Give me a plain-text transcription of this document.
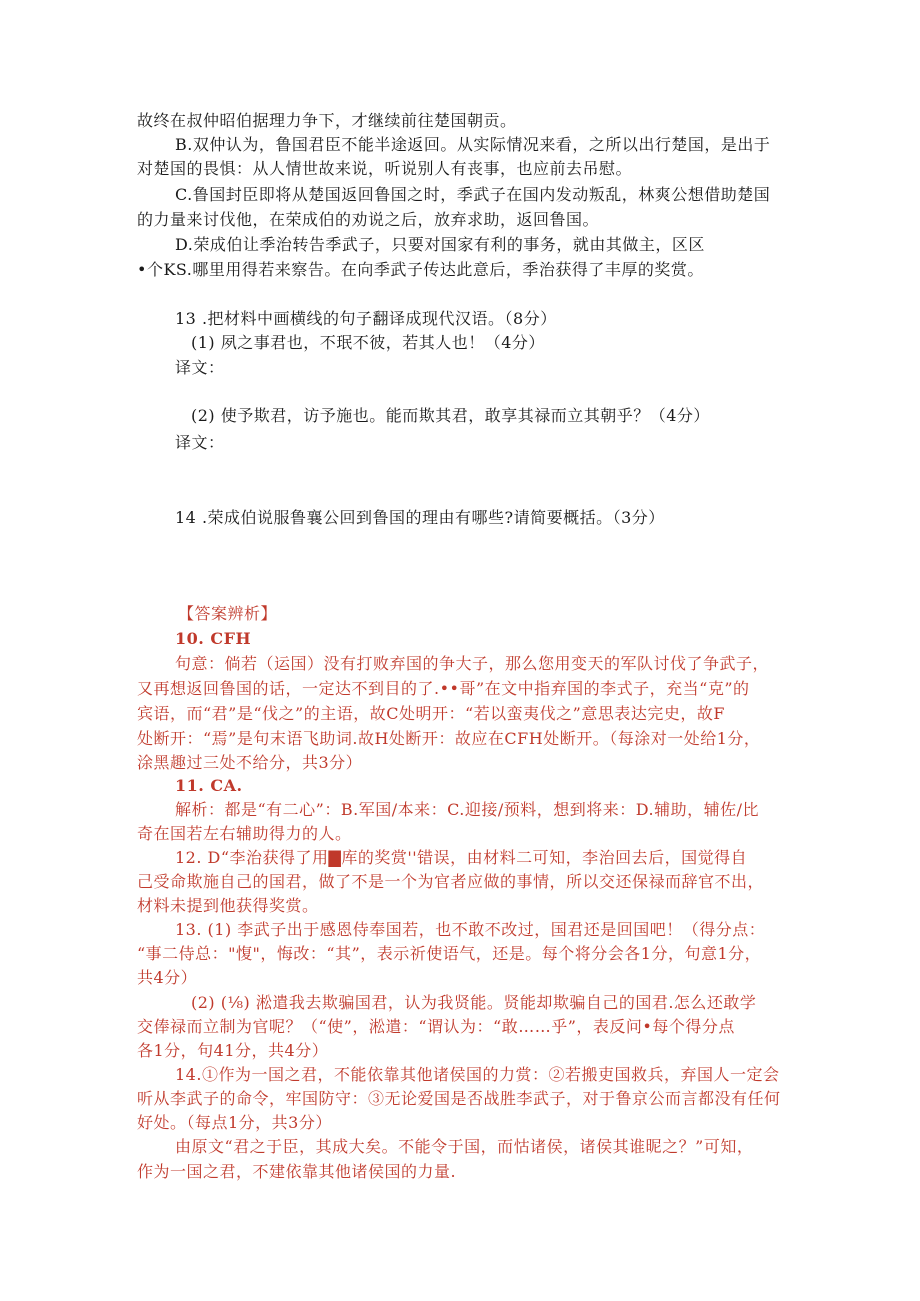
故终在叔仲昭伯据理力争下，才继续前往楚国朝贡。
B.双仲认为，鲁国君臣不能半途返回。从实际情况来看，之所以出行楚国，是出于
对楚国的畏惧：从人情世故来说，听说别人有丧事，也应前去吊慰。
C.鲁国封臣即将从楚国返回鲁国之时，季武子在国内发动叛乱，林爽公想借助楚国
的力量来讨伐他，在荣成伯的劝说之后，放弃求助，返回鲁国。
D.荣成伯让季治转告季武子，只要对国家有利的事务，就由其做主，区区
•个KS.哪里用得若来察告。在向季武子传达此意后，季治获得了丰厚的奖赏。
13 .把材料中画横线的句子翻译成现代汉语。（8分）
(1) 夙之事君也，不珉不彼，若其人也！（4分）
译文：
(2) 使予欺君，访予施也。能而欺其君，敢享其禄而立其朝乎？（4分）
译文：
14 .荣成伯说服鲁襄公回到鲁国的理由有哪些?请简要概括。（3分）
【答案辨析】
10. CFH
句意：倘若（运国）没有打败弃国的争大子，那么您用变天的军队讨伐了争武子，
又再想返回鲁国的话，一定达不到目的了.••哥”在文中指弃国的李式子，充当“克”的
宾语，而“君”是“伐之”的主语，故C处明开：“若以蛮夷伐之”意思表达完史，故F
处断开：“焉”是句末语飞助词.故H处断开：故应在CFH处断开。（每涂对一处给1分，
涂黑趣过三处不给分，共3分）
11. CA.
解析：都是“有二心”：B.军国/本来：C.迎接/预料，想到将来：D.辅助，辅佐/比
奇在国若左右辅助得力的人。
12. D“李治获得了用▇库的奖赏''错误，由材料二可知，李治回去后，国觉得自
己受命欺施自己的国君，做了不是一个为官者应做的事情，所以交还保禄而辞官不出，
材料未提到他获得奖赏。
13. (1) 李武子出于感恩侍奉国若，也不敢不改过，国君还是回国吧！（得分点：
“事二侍总："愎"，悔改：“其”，表示祈使语气，还是。每个将分会各1分，句意1分，
共4分）
(2) (⅛) 淞遣我去欺骗国君，认为我贤能。贤能却欺骗自己的国君.怎么还敢学
交俸禄而立制为官呢？（“使”，淞遣：“谓认为：“敢……乎”，表反问•每个得分点
各1分，句41分，共4分）
14.①作为一国之君，不能依靠其他诸侯国的力赏：②若搬吏国救兵，弃国人一定会
听从李武子的命令，牢国防守：③无论爱国是否战胜李武子，对于鲁京公而言都没有任何
好处。（每点1分，共3分）
由原文“君之于臣，其成大矣。不能令于国，而怙诸侯，诸侯其谁昵之？”可知，
作为一国之君，不建依靠其他诸侯国的力量.
